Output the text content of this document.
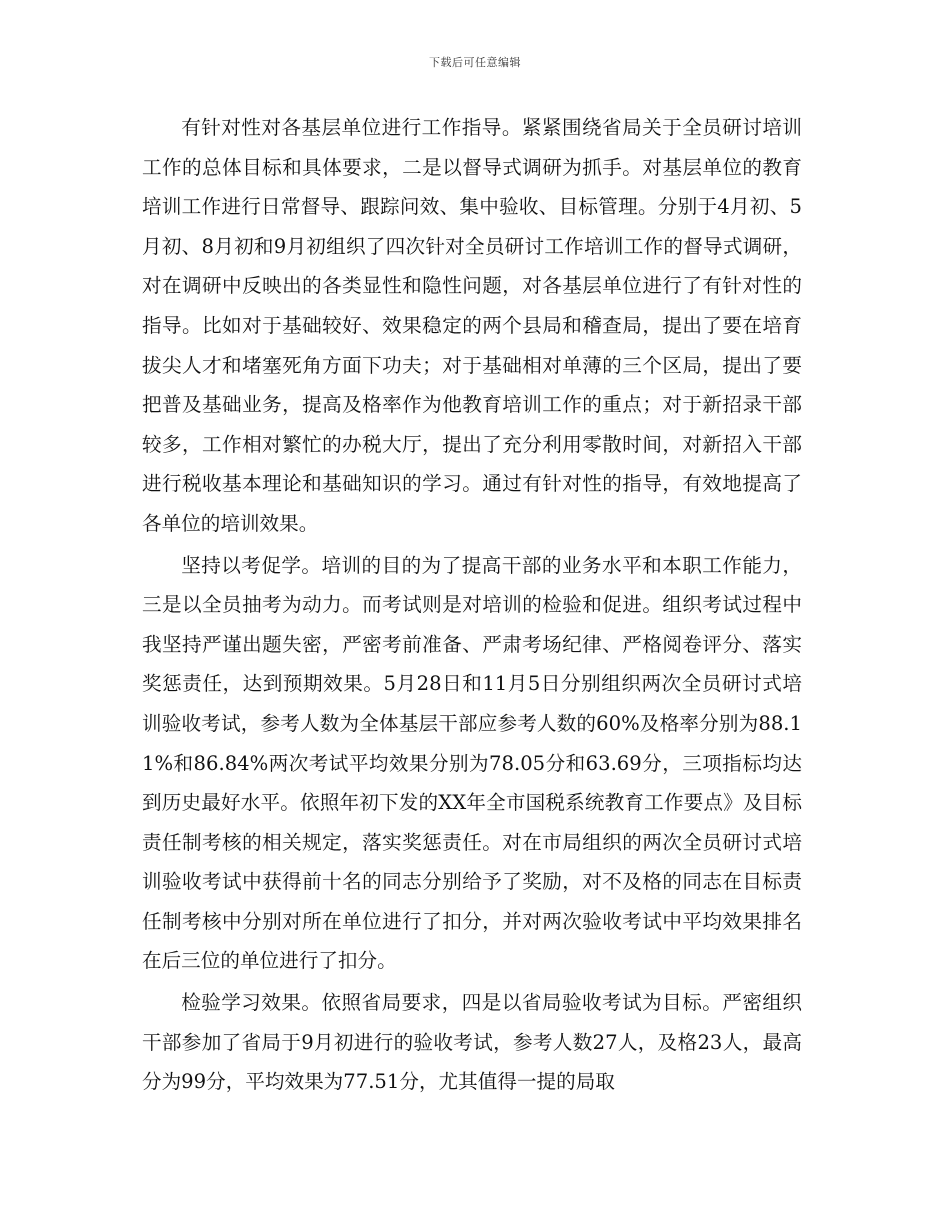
下载后可任意编辑

有针对性对各基层单位进行工作指导。紧紧围绕省局关于全员研讨培训工作的总体目标和具体要求，二是以督导式调研为抓手。对基层单位的教育培训工作进行日常督导、跟踪问效、集中验收、目标管理。分别于4月初、5月初、8月初和9月初组织了四次针对全员研讨工作培训工作的督导式调研，对在调研中反映出的各类显性和隐性问题，对各基层单位进行了有针对性的指导。比如对于基础较好、效果稳定的两个县局和稽查局，提出了要在培育拔尖人才和堵塞死角方面下功夫；对于基础相对单薄的三个区局，提出了要把普及基础业务，提高及格率作为他教育培训工作的重点；对于新招录干部较多，工作相对繁忙的办税大厅，提出了充分利用零散时间，对新招入干部进行税收基本理论和基础知识的学习。通过有针对性的指导，有效地提高了各单位的培训效果。

坚持以考促学。培训的目的为了提高干部的业务水平和本职工作能力，三是以全员抽考为动力。而考试则是对培训的检验和促进。组织考试过程中我坚持严谨出题失密，严密考前准备、严肃考场纪律、严格阅卷评分、落实奖惩责任，达到预期效果。5月28日和11月5日分别组织两次全员研讨式培训验收考试，参考人数为全体基层干部应参考人数的60%及格率分别为88.11%和86.84%两次考试平均效果分别为78.05分和63.69分，三项指标均达到历史最好水平。依照年初下发的XX年全市国税系统教育工作要点》及目标责任制考核的相关规定，落实奖惩责任。对在市局组织的两次全员研讨式培训验收考试中获得前十名的同志分别给予了奖励，对不及格的同志在目标责任制考核中分别对所在单位进行了扣分，并对两次验收考试中平均效果排名在后三位的单位进行了扣分。

检验学习效果。依照省局要求，四是以省局验收考试为目标。严密组织干部参加了省局于9月初进行的验收考试，参考人数27人，及格23人，最高分为99分，平均效果为77.51分，尤其值得一提的局取
